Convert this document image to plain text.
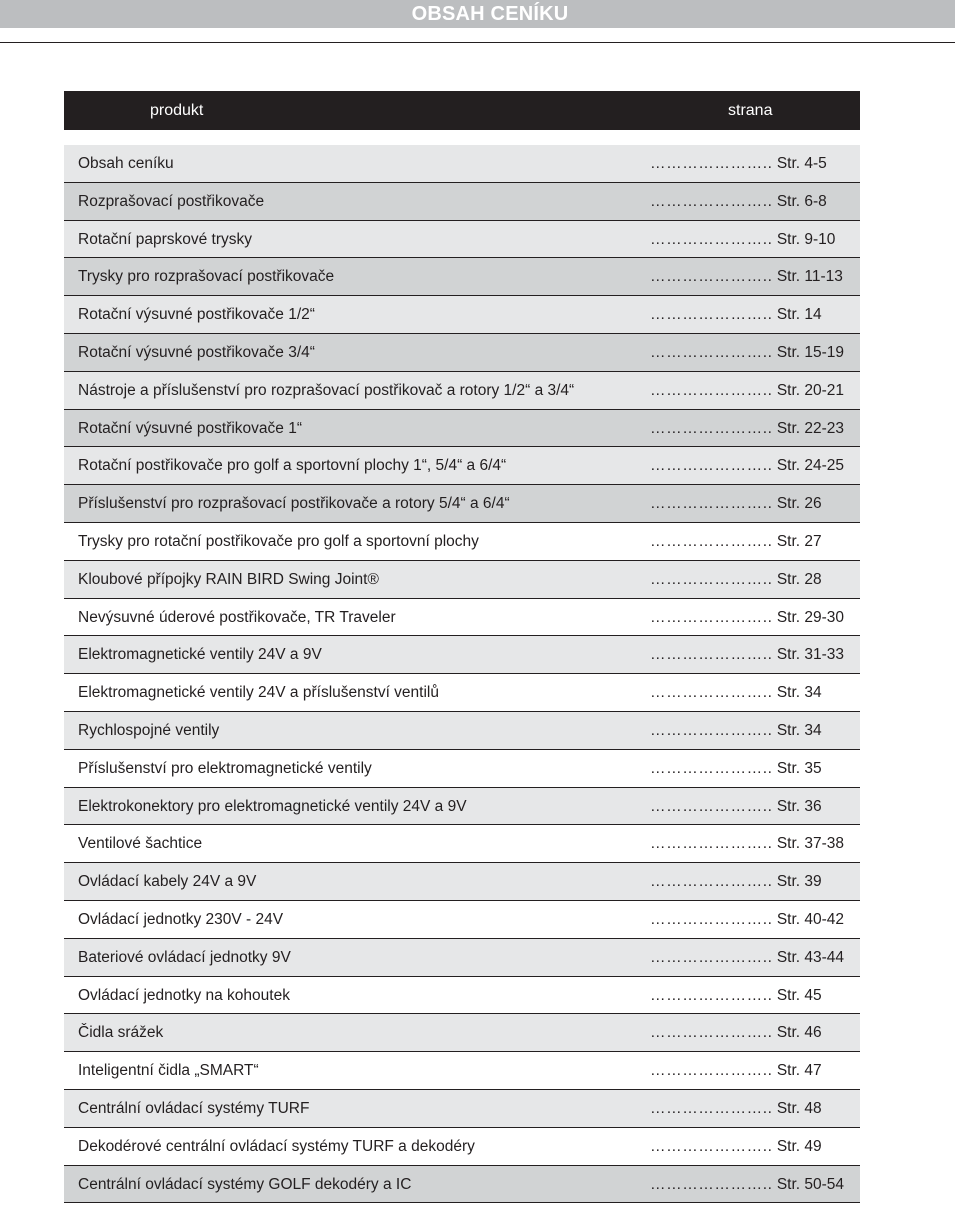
OBSAH CENÍKU
produkt	strana
Obsah ceníku	………………….. Str. 4-5
Rozprašovací postřikovače	………………….. Str. 6-8
Rotační paprskové trysky	………………….. Str. 9-10
Trysky pro rozprašovací postřikovače	………………….. Str. 11-13
Rotační výsuvné postřikovače 1/2“	………………….. Str. 14
Rotační výsuvné postřikovače 3/4“	………………….. Str. 15-19
Nástroje a příslušenství pro rozprašovací postřikovač a rotory 1/2“ a 3/4“	………………….. Str. 20-21
Rotační výsuvné postřikovače 1“	………………….. Str. 22-23
Rotační postřikovače pro golf a sportovní plochy 1“, 5/4“ a 6/4“	………………….. Str. 24-25
Příslušenství pro rozprašovací postřikovače a rotory 5/4“ a 6/4“	………………….. Str. 26
Trysky pro rotační postřikovače pro golf a sportovní plochy	………………….. Str. 27
Kloubové přípojky RAIN BIRD Swing Joint®	………………….. Str. 28
Nevýsuvné úderové postřikovače, TR Traveler	………………….. Str. 29-30
Elektromagnetické ventily 24V a 9V	………………….. Str. 31-33
Elektromagnetické ventily 24V a příslušenství ventilů	………………….. Str. 34
Rychlospojné ventily	………………….. Str. 34
Příslušenství pro elektromagnetické ventily	………………….. Str. 35
Elektrokonektory pro elektromagnetické ventily 24V a 9V	………………….. Str. 36
Ventilové šachtice	………………….. Str. 37-38
Ovládací kabely 24V a 9V	………………….. Str. 39
Ovládací jednotky 230V - 24V	………………….. Str. 40-42
Bateriové ovládací jednotky 9V	………………….. Str. 43-44
Ovládací jednotky na kohoutek	………………….. Str. 45
Čidla srážek	………………….. Str. 46
Inteligentní čidla „SMART“	………………….. Str. 47
Centrální ovládací systémy TURF	………………….. Str. 48
Dekodérové centrální ovládací systémy TURF a dekodéry	………………….. Str. 49
Centrální ovládací systémy GOLF dekodéry a IC	………………….. Str. 50-54
